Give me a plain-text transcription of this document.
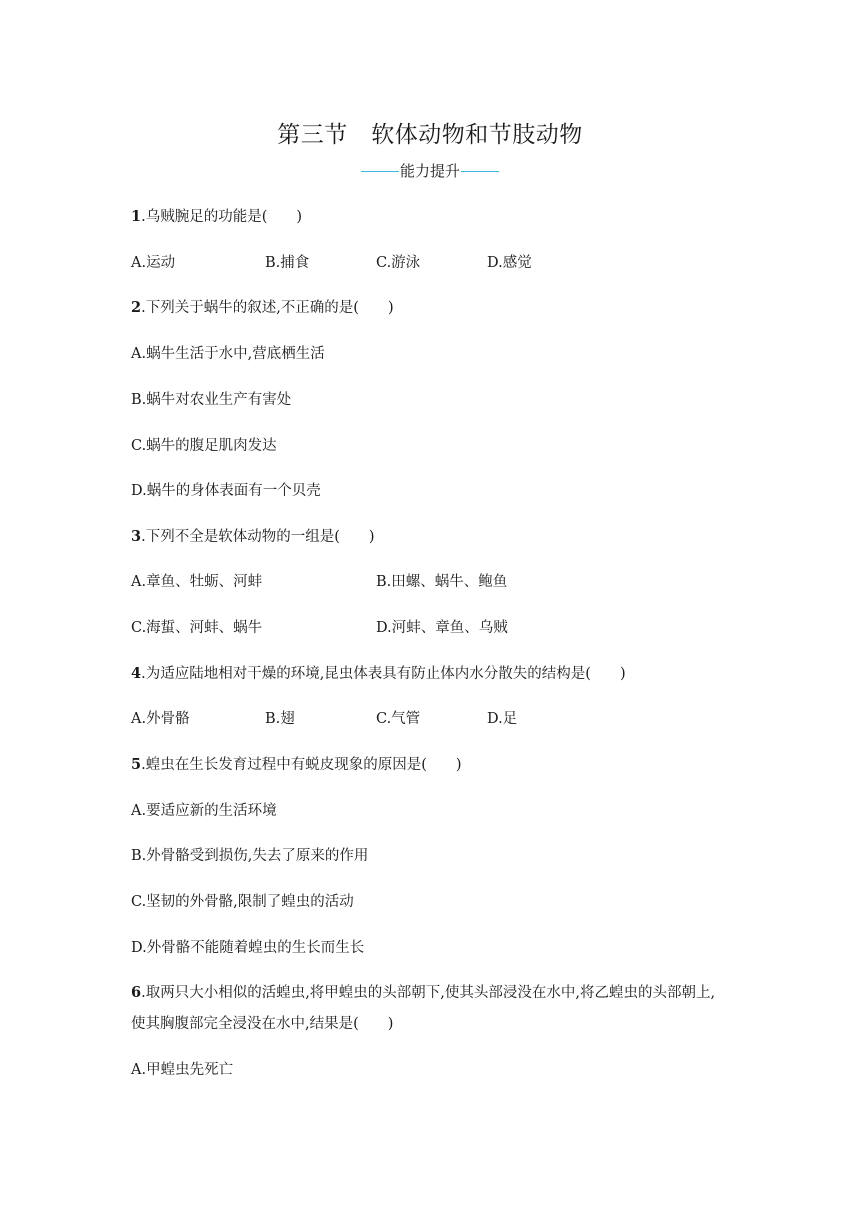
第三节　软体动物和节肢动物
能力提升
1.乌贼腕足的功能是(　　)
A.运动	B.捕食	C.游泳	D.感觉
2.下列关于蜗牛的叙述,不正确的是(　　)
A.蜗牛生活于水中,营底栖生活
B.蜗牛对农业生产有害处
C.蜗牛的腹足肌肉发达
D.蜗牛的身体表面有一个贝壳
3.下列不全是软体动物的一组是(　　)
A.章鱼、牡蛎、河蚌	B.田螺、蜗牛、鲍鱼
C.海蜇、河蚌、蜗牛	D.河蚌、章鱼、乌贼
4.为适应陆地相对干燥的环境,昆虫体表具有防止体内水分散失的结构是(　　)
A.外骨骼	B.翅	C.气管	D.足
5.蝗虫在生长发育过程中有蜕皮现象的原因是(　　)
A.要适应新的生活环境
B.外骨骼受到损伤,失去了原来的作用
C.坚韧的外骨骼,限制了蝗虫的活动
D.外骨骼不能随着蝗虫的生长而生长
6.取两只大小相似的活蝗虫,将甲蝗虫的头部朝下,使其头部浸没在水中,将乙蝗虫的头部朝上,
使其胸腹部完全浸没在水中,结果是(　　)
A.甲蝗虫先死亡
